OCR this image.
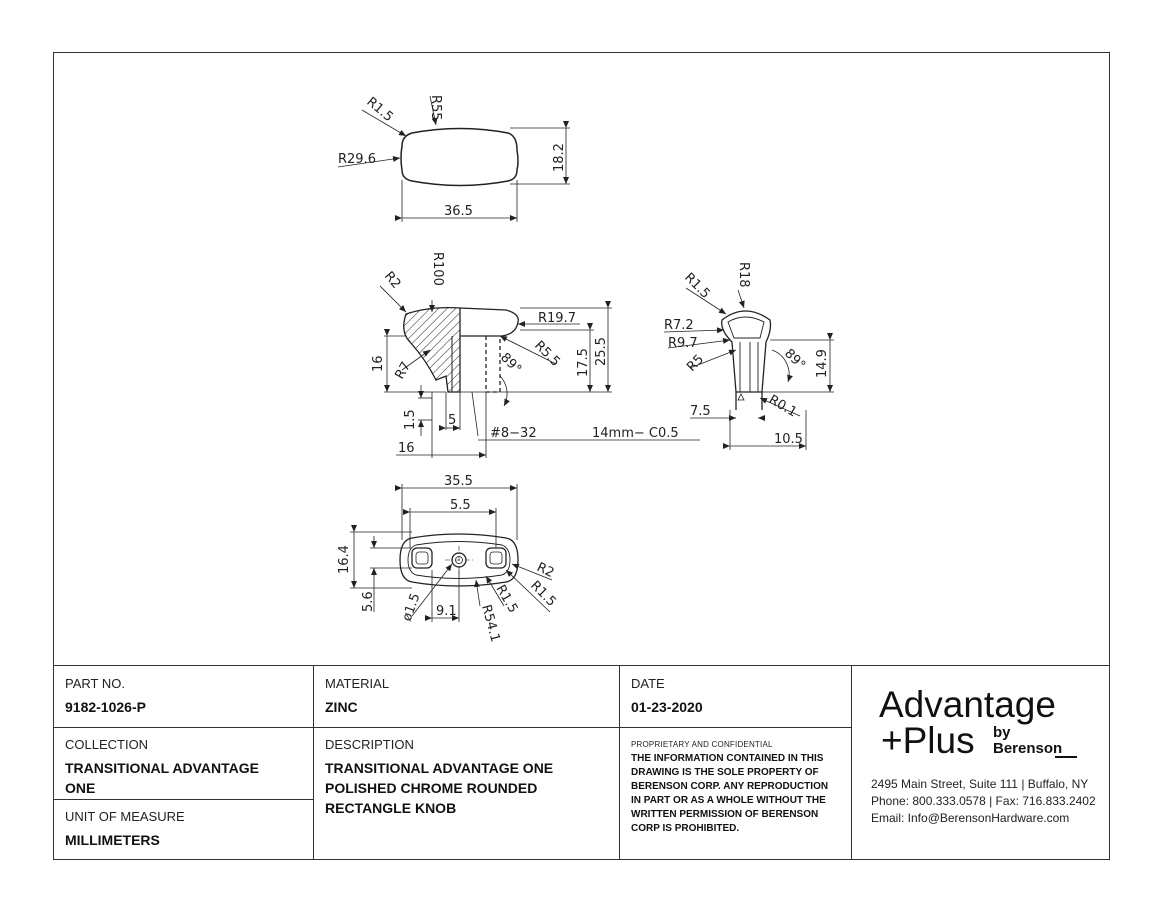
R55
R1.5
R29.6	18.2
36.5
R2 R100
R19.7
R5.5 17.5 25.5
89°
16 R7
1.5 5
16
#8−32	14mm− C0.5
R1.5 R18
R7.2
R9.7
R5	89° 14.9
7.5	R0.1
10.5
35.5
5.5
16.4
5.6 ø1.5 9.1 R54.1
R1.5 R1.5
R2
PART NO.
9182-1026-P
MATERIAL
ZINC
DATE
01-23-2020
COLLECTION
TRANSITIONAL ADVANTAGE
ONE
UNIT OF MEASURE
MILLIMETERS
DESCRIPTION
TRANSITIONAL ADVANTAGE ONE
POLISHED CHROME ROUNDED
RECTANGLE KNOB
PROPRIETARY AND CONFIDENTIAL
THE INFORMATION CONTAINED IN THIS
DRAWING IS THE SOLE PROPERTY OF
BERENSON CORP. ANY REPRODUCTION
IN PART OR AS A WHOLE WITHOUT THE
WRITTEN PERMISSION OF BERENSON
CORP IS PROHIBITED.
Advantage
+Plus by
Berenson
2495 Main Street, Suite 111 | Buffalo, NY
Phone: 800.333.0578 | Fax: 716.833.2402
Email: Info@BerensonHardware.com
